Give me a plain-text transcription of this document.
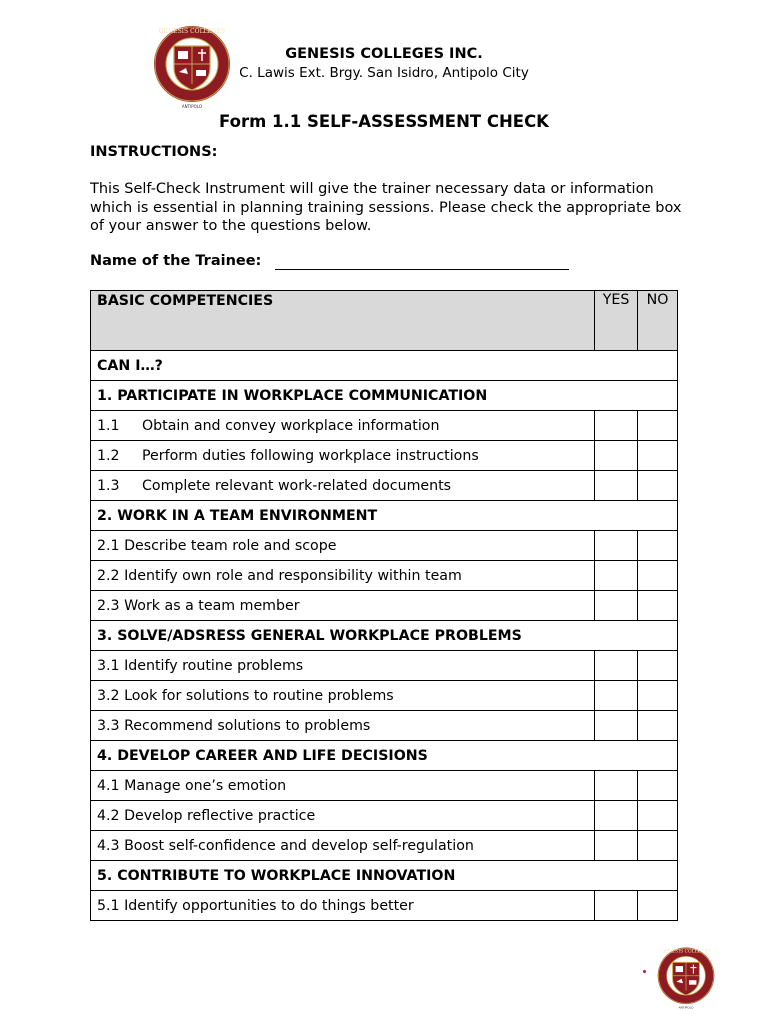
ANTIPOLO
GENESIS COLLEGES
GENESIS COLLEGES INC.
C. Lawis Ext. Brgy. San Isidro, Antipolo City
Form 1.1 SELF-ASSESSMENT CHECK
INSTRUCTIONS:
This Self-Check Instrument will give the trainer necessary data or information which is essential in planning training sessions. Please check the appropriate box of your answer to the questions below.
Name of the Trainee:
BASIC COMPETENCIES	YES	NO
CAN I…?		
1. PARTICIPATE IN WORKPLACE COMMUNICATION		
1.1 Obtain and convey workplace information		
1.2 Perform duties following workplace instructions		
1.3 Complete relevant work-related documents		
2. WORK IN A TEAM ENVIRONMENT		
2.1 Describe team role and scope		
2.2 Identify own role and responsibility within team		
2.3 Work as a team member		
3. SOLVE/ADSRESS GENERAL WORKPLACE PROBLEMS		
3.1 Identify routine problems		
3.2 Look for solutions to routine problems		
3.3 Recommend solutions to problems		
4. DEVELOP CAREER AND LIFE DECISIONS		
4.1 Manage one’s emotion		
4.2 Develop reflective practice		
4.3 Boost self-confidence and develop self-regulation		
5. CONTRIBUTE TO WORKPLACE INNOVATION		
5.1 Identify opportunities to do things better		
ANTIPOLO
GENESIS COLLEGES
